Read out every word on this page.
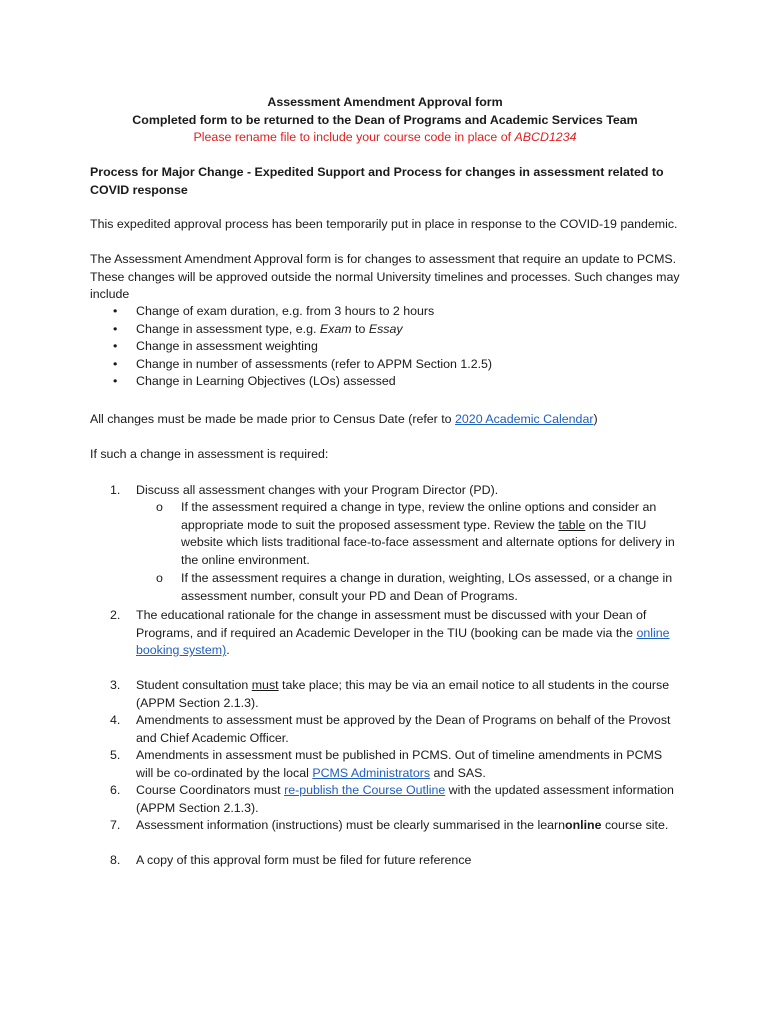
Assessment Amendment Approval form
Completed form to be returned to the Dean of Programs and Academic Services Team
Please rename file to include your course code in place of ABCD1234
Process for Major Change - Expedited Support and Process for changes in assessment related to COVID response
This expedited approval process has been temporarily put in place in response to the COVID-19 pandemic.
The Assessment Amendment Approval form is for changes to assessment that require an update to PCMS. These changes will be approved outside the normal University timelines and processes. Such changes may include
• Change of exam duration, e.g. from 3 hours to 2 hours
• Change in assessment type, e.g. Exam to Essay
• Change in assessment weighting
• Change in number of assessments (refer to APPM Section 1.2.5)
• Change in Learning Objectives (LOs) assessed
All changes must be made be made prior to Census Date (refer to 2020 Academic Calendar)
If such a change in assessment is required:
1.	Discuss all assessment changes with your Program Director (PD).
o If the assessment required a change in type, review the online options and consider an appropriate mode to suit the proposed assessment type. Review the table on the TIU website which lists traditional face-to-face assessment and alternate options for delivery in the online environment.
o If the assessment requires a change in duration, weighting, LOs assessed, or a change in assessment number, consult your PD and Dean of Programs.
2.	The educational rationale for the change in assessment must be discussed with your Dean of Programs, and if required an Academic Developer in the TIU (booking can be made via the online booking system).
3.	Student consultation must take place; this may be via an email notice to all students in the course (APPM Section 2.1.3).
4.	Amendments to assessment must be approved by the Dean of Programs on behalf of the Provost and Chief Academic Officer.
5.	Amendments in assessment must be published in PCMS. Out of timeline amendments in PCMS will be co-ordinated by the local PCMS Administrators and SAS.
6.	Course Coordinators must re-publish the Course Outline with the updated assessment information (APPM Section 2.1.3).
7.	Assessment information (instructions) must be clearly summarised in the learnonline course site.
8.	A copy of this approval form must be filed for future reference
